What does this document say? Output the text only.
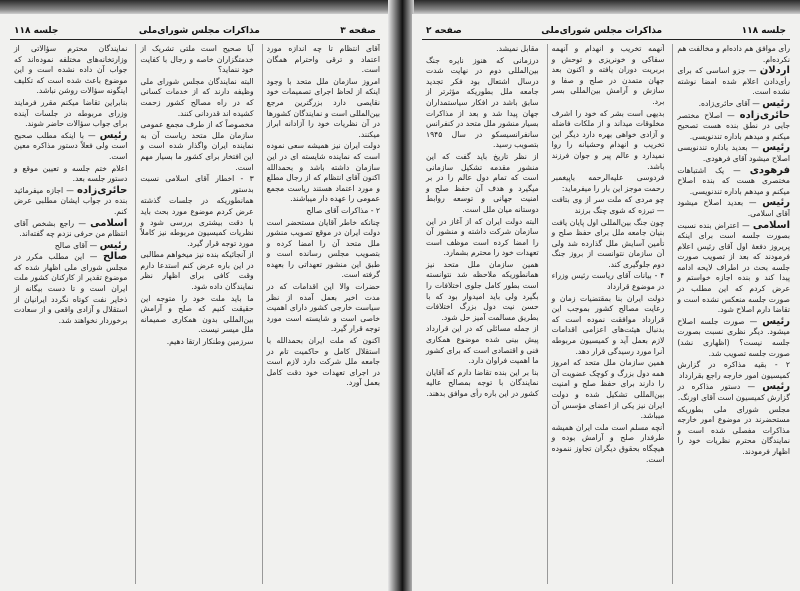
صفحه ۳
مذاکرات مجلس شورای‌ملی
جلسه ۱۱۸
آقای انتظام تا چه اندازه مورد اعتماد و ترقی واحترام همگان است.
امروز سازمان ملل متحد با وجود اینکه از لحاظ اجرای تصمیمات خود نقایصی دارد بزرگترین مرجع بین‌المللی است و نمایندگان کشورها در آن نظریات خود را آزادانه ابراز میکنند.
دولت ایران نیز همیشه سعی نموده است که نماینده شایسته ای در این سازمان داشته باشد و بحمدالله اکنون آقای انتظام که از رجال مطلع و مورد اعتماد هستند ریاست مجمع عمومی را عهده دار میباشند.
۲ - مذاکرات آقای صالح
چنانکه خاطر آقایان مستحضر است دولت ایران در موقع تصویب منشور ملل متحد آن را امضا کرده و بتصویب مجلس رسانده است و طبق این منشور تعهداتی را بعهده گرفته است.
حضرات والا این اقدامات که در مدت اخیر بعمل آمده از نظر سیاست خارجی کشور دارای اهمیت خاصی است و شایسته است مورد توجه قرار گیرد.
اکنون که ملت ایران بحمدالله با استقلال کامل و حاکمیت تام در جامعه ملل شرکت دارد لازم است در اجرای تعهدات خود دقت کامل بعمل آورد.
آیا صحیح است ملتی تشریک از خدمتگزاران خاصه و رجال با کفایت خود ننماید؟
البته نمایندگان مجلس شورای ملی وظیفه دارند که از خدمات کسانی که در راه مصالح کشور زحمت کشیده اند قدردانی کنند.
مخصوصاً که از طرف مجمع عمومی سازمان ملل متحد ریاست آن به نماینده ایران واگذار شده است و این افتخار برای کشور ما بسیار مهم است.
۳ - اخطار آقای اسلامی نسبت بدستور
همانطوریکه در جلسات گذشته عرض کردم موضوع مورد بحث باید با دقت بیشتری بررسی شود و نظریات کمیسیون مربوطه نیز کاملاً مورد توجه قرار گیرد.
از آنجائیکه بنده نیز میخواهم مطالبی در این باره عرض کنم استدعا دارم وقت کافی برای اظهار نظر نمایندگان داده شود.
ما باید ملت خود را متوجه این حقیقت کنیم که صلح و آرامش بین‌المللی بدون همکاری صمیمانه ملل میسر نیست.
سرزمین وطنکار ارتقا دهیم.
نمایندگان محترم سؤالاتی از وزارتخانه‌های مختلفه نموده‌اند که جواب آن داده نشده است و این موضوع باعث شده است که تکلیف اینگونه سؤالات روشن نباشد.
بنابراین تقاضا میکنم مقرر فرمایند وزرای مربوطه در جلسات آینده برای جواب سؤالات حاضر شوند.
رئیس — با اینکه مطلب صحیح است ولی فعلاً دستور مذاکره معین است.
اعلام ختم جلسه و تعیین موقع و دستور جلسه بعد.
حائری‌زاده — اجازه میفرمائید بنده در جواب ایشان مطلبی عرض کنم.
اسلامی — راجع بشخص آقای انتظام من حرفی نزدم چه گفته‌اند.
رئیس — آقای صالح
صالح — این مطلب مکرر در مجلس شورای ملی اظهار شده که موضوع تقدیر از کارکنان کشور ملت ایران است و تا دست بیگانه از ذخایر نفت کوتاه نگردد ایرانیان از استقلال و آزادی واقعی و از سعادت برخوردار نخواهند شد.
جلسه ۱۱۸
مذاکرات مجلس شورای‌ملی
صفحه ۲
رأی موافق هم داده‌ام و مخالفت هم نکرده‌ام.
اردلان — جزو اساسی که برای رأی‌دادن اعلام شده امضا نوشته نشده است.
رئیس — آقای حائری‌زاده.
حائری‌زاده — اصلاح مختصر جایی در نطق بنده هست تصحیح میکنم و میدهم باداره تندنویسی.
رئیس — بعدید باداره تندنویسی اصلاح میشود آقای فرهودی.
فرهودی — یک اشتباهات مختصری هست که بنده اصلاح میکنم و میدهم باداره تندنویسی.
رئیس — بعدید اصلاح میشود آقای اسلامی.
اسلامی — اعتراض بنده نسبت بصورت جلسه است برای اینکه پریروز دفعهٔ اول آقای رئیس اعلام فرمودند که بعد از تصویب صورت جلسه بحث در اطراف لایحه ادامه پیدا کند و بنده اجازه خواستم و عرض کردم که این مطلب در صورت جلسه منعکس نشده است و تقاضا دارم اصلاح شود.
رئیس — صورت جلسه اصلاح میشود. دیگر نظری نسبت بصورت جلسه نیست؟ (اظهاری نشد) صورت جلسه تصویب شد.
۲ - بقیه مذاکره در گزارش کمیسیون امور خارجه راجع بقرارداد
رئیس — دستور مذاکره در گزارش کمیسیون است آقای اورنگ.
مجلس شورای ملی بطوریکه مستحضرند در موضوع امور خارجه مذاکرات مفصلی شده است و نمایندگان محترم نظریات خود را اظهار فرمودند.
آنهمه تخریب و انهدام و آنهمه سفاکی و خونریزی و توحش و بربریت دوران یافته و اکنون بعد جهان متمدن در صلح و صفا و سازش و آرامش بین‌المللی بسر برد.
بدیهی است بشر که خود را اشرف مخلوقات میداند و از ملکات فاضله و آزادی خواهی بهره دارد دیگر این تخریب و انهدام وحشیانه را روا نمیدارد و عالم پیر و جوان فرزند باشد.
فردوسی علیه‌الرحمه باپیغمبر رحمت موجز این بار را میفرماید:
چو مردی که ملت سر از وی بتافت — تبرزه که شوی چنگ برزند
چون جنگ بین‌المللی اول پایان یافت بنیان جامعه ملل برای حفظ صلح و تأمین آسایش ملل گذارده شد ولی آن سازمان نتوانست از بروز جنگ دوم جلوگیری کند.
۴ - بیانات آقای ریاست رئیس وزراء در موضوع قرارداد
دولت ایران بنا بمقتضیات زمان و رعایت مصالح کشور بموجب این قرارداد موافقت نموده است که بدنبال هیئت‌های اعزامی اقدامات لازم بعمل آید و کمیسیون مربوطه آنرا مورد رسیدگی قرار دهد.
همین سازمان ملل متحد که امروز همه دول بزرگ و کوچک عضویت آن را دارند برای حفظ صلح و امنیت بین‌المللی تشکیل شده و دولت ایران نیز یکی از اعضای مؤسس آن میباشد.
آنچه مسلم است ملت ایران همیشه طرفدار صلح و آرامش بوده و هیچگاه بحقوق دیگران تجاوز ننموده است.
مقابل نمیشد.
درزمانی که هنوز نایره جنگ بین‌المللی دوم در نهایت شدت درسال اشتعال بود فکر تجدید جامعه ملل بطوریکه مؤثرتر از سابق باشد در افکار سیاستمداران جهان پیدا شد و بعد از مذاکرات بسیار منشور ملل متحد در کنفرانس سانفرانسیسکو در سال ۱۹۴۵ بتصویب رسید.
از نظر تاریخ باید گفت که این منشور مقدمه تشکیل سازمانی است که تمام دول عالم را در بر میگیرد و هدف آن حفظ صلح و امنیت جهانی و توسعه روابط دوستانه میان ملل است.
البته دولت ایران که از آغاز در این سازمان شرکت داشته و منشور آن را امضا کرده است موظف است تعهدات خود را محترم بشمارد.
همین سازمان ملل متحد نیز همانطوریکه ملاحظه شد نتوانسته است بطور کامل جلوی اختلافات را بگیرد ولی باید امیدوار بود که با حسن نیت دول بزرگ اختلافات بطریق مسالمت آمیز حل شود.
از جمله مسائلی که در این قرارداد پیش بینی شده موضوع همکاری فنی و اقتصادی است که برای کشور ما اهمیت فراوان دارد.
بنا بر این بنده تقاضا دارم که آقایان نمایندگان با توجه بمصالح عالیه کشور در این باره رأی موافق بدهند.
